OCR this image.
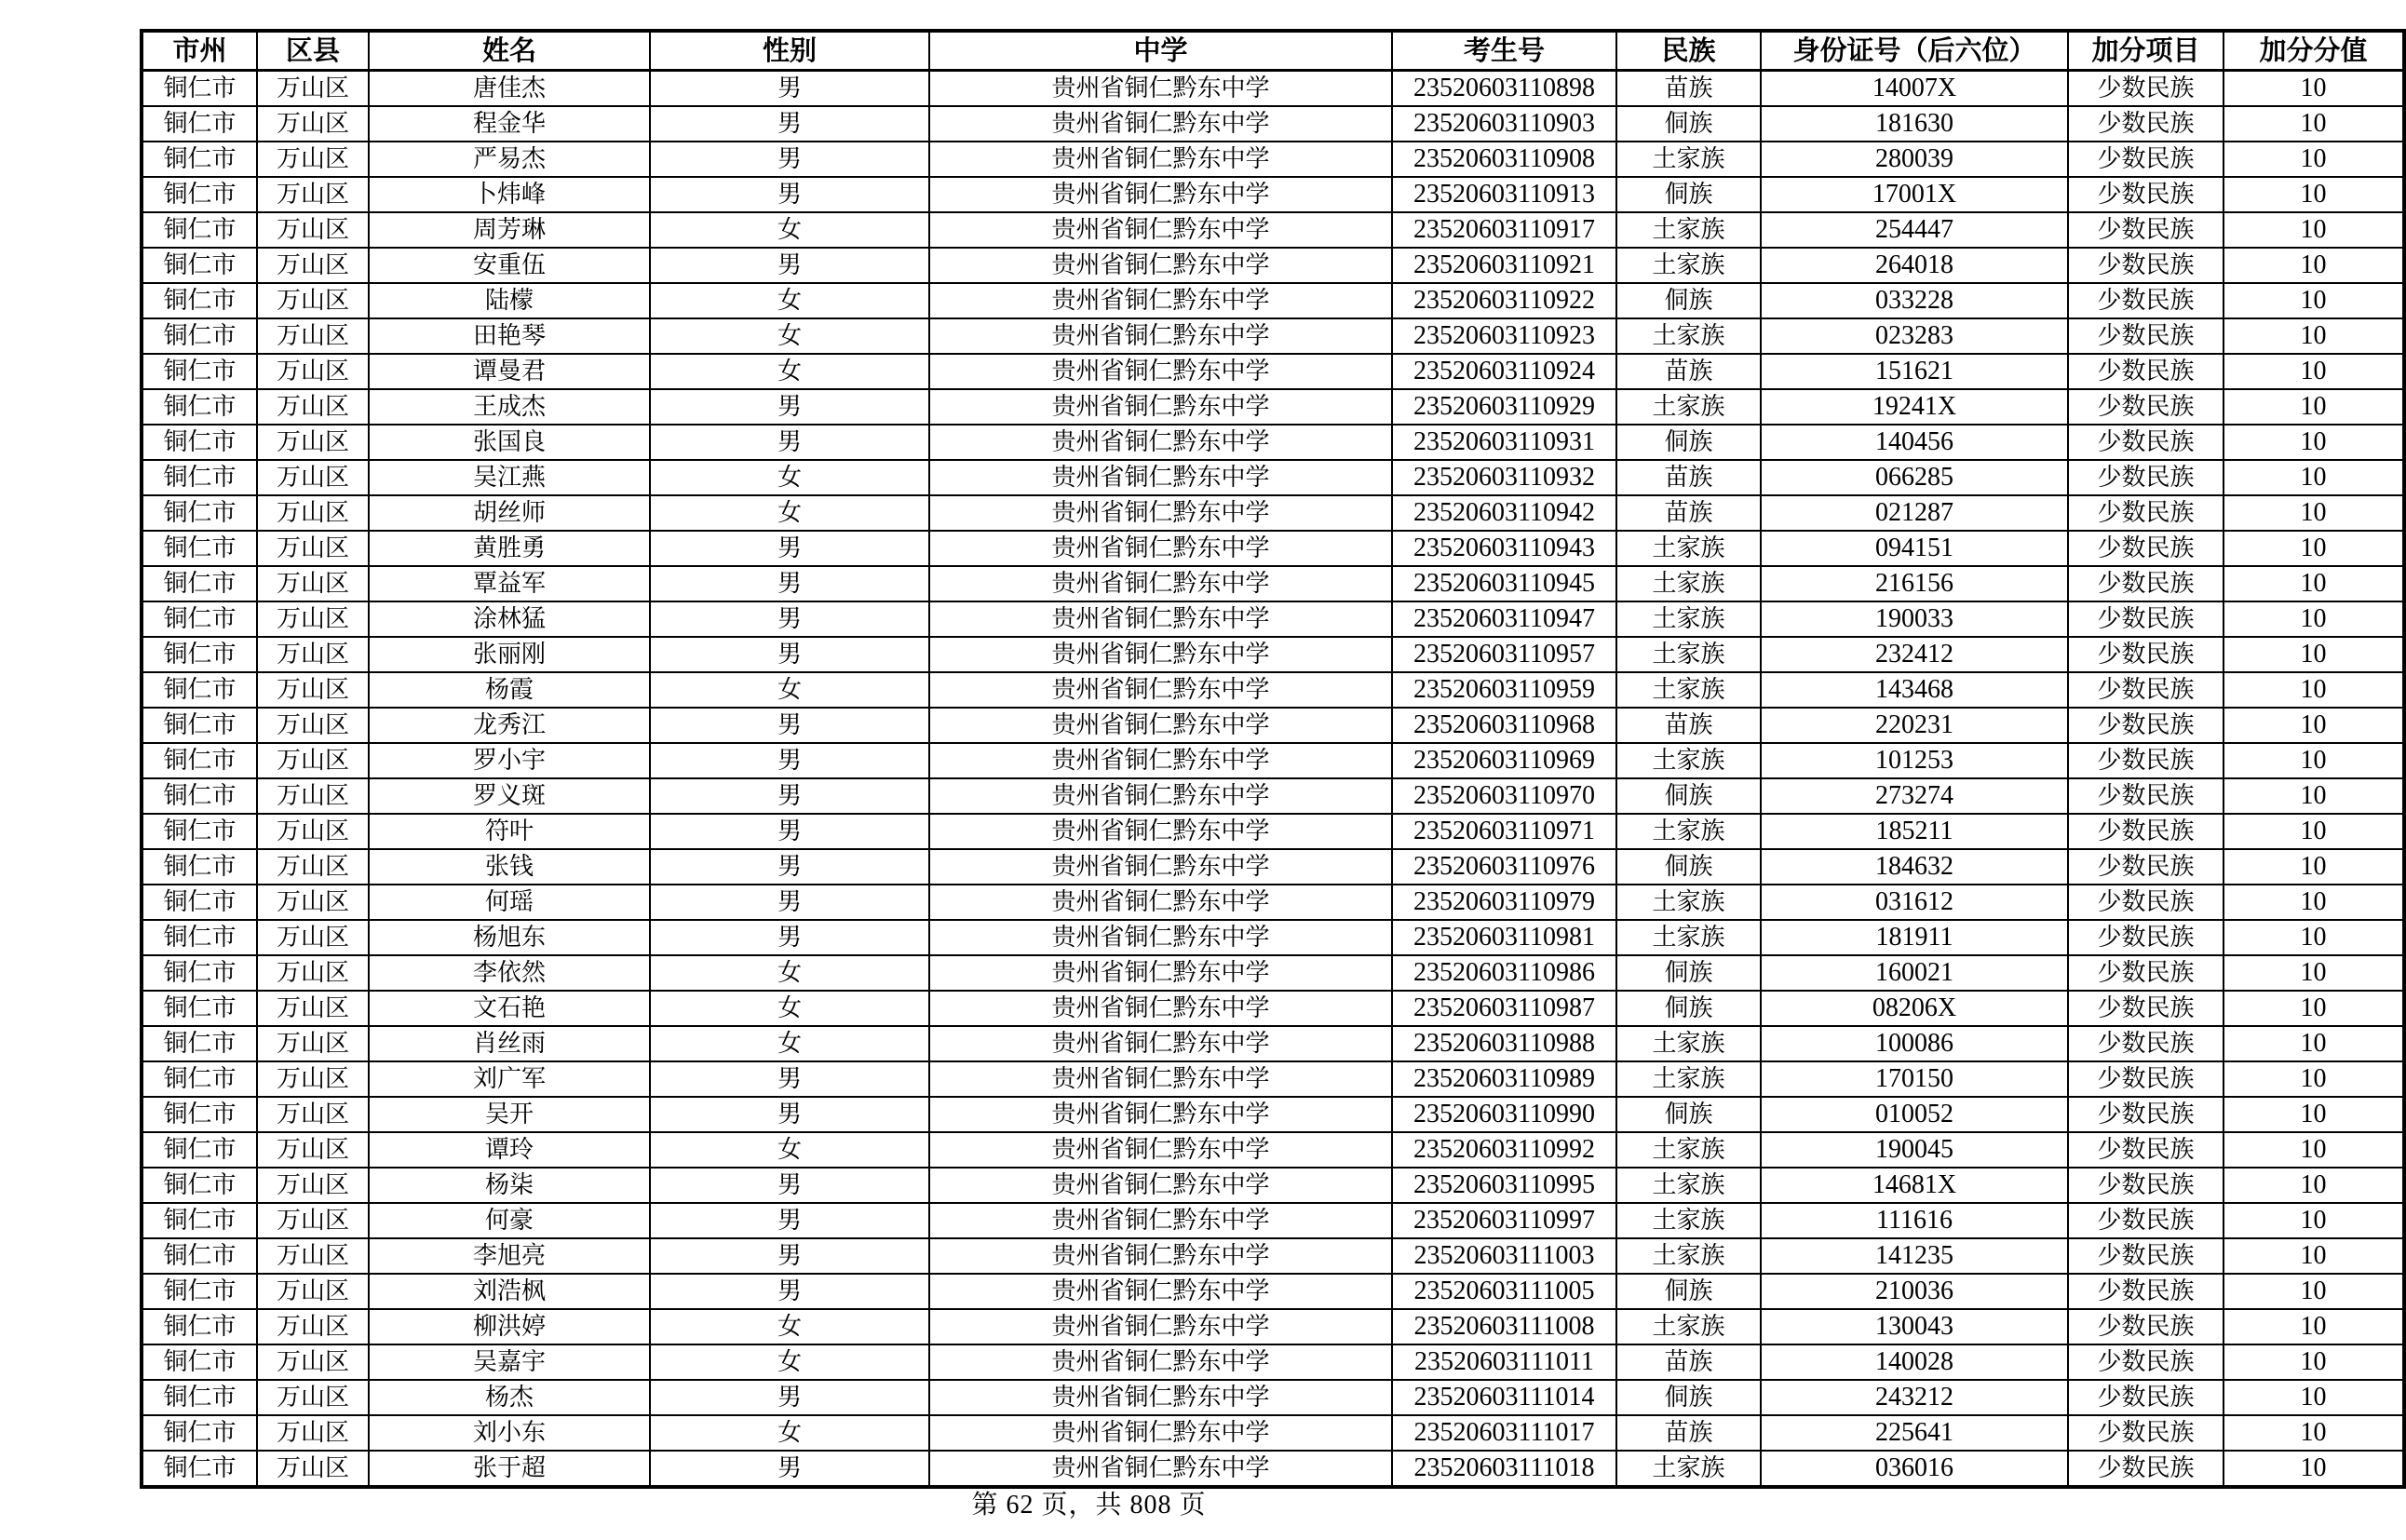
市州	区县	姓名	性别	中学	考生号	民族	身份证号（后六位）	加分项目	加分分值
铜仁市	万山区	唐佳杰	男	贵州省铜仁黔东中学	23520603110898	苗族	14007X	少数民族	10
铜仁市	万山区	程金华	男	贵州省铜仁黔东中学	23520603110903	侗族	181630	少数民族	10
铜仁市	万山区	严易杰	男	贵州省铜仁黔东中学	23520603110908	土家族	280039	少数民族	10
铜仁市	万山区	卜炜峰	男	贵州省铜仁黔东中学	23520603110913	侗族	17001X	少数民族	10
铜仁市	万山区	周芳琳	女	贵州省铜仁黔东中学	23520603110917	土家族	254447	少数民族	10
铜仁市	万山区	安重伍	男	贵州省铜仁黔东中学	23520603110921	土家族	264018	少数民族	10
铜仁市	万山区	陆檬	女	贵州省铜仁黔东中学	23520603110922	侗族	033228	少数民族	10
铜仁市	万山区	田艳琴	女	贵州省铜仁黔东中学	23520603110923	土家族	023283	少数民族	10
铜仁市	万山区	谭曼君	女	贵州省铜仁黔东中学	23520603110924	苗族	151621	少数民族	10
铜仁市	万山区	王成杰	男	贵州省铜仁黔东中学	23520603110929	土家族	19241X	少数民族	10
铜仁市	万山区	张国良	男	贵州省铜仁黔东中学	23520603110931	侗族	140456	少数民族	10
铜仁市	万山区	吴江燕	女	贵州省铜仁黔东中学	23520603110932	苗族	066285	少数民族	10
铜仁市	万山区	胡丝师	女	贵州省铜仁黔东中学	23520603110942	苗族	021287	少数民族	10
铜仁市	万山区	黄胜勇	男	贵州省铜仁黔东中学	23520603110943	土家族	094151	少数民族	10
铜仁市	万山区	覃益军	男	贵州省铜仁黔东中学	23520603110945	土家族	216156	少数民族	10
铜仁市	万山区	涂林猛	男	贵州省铜仁黔东中学	23520603110947	土家族	190033	少数民族	10
铜仁市	万山区	张丽刚	男	贵州省铜仁黔东中学	23520603110957	土家族	232412	少数民族	10
铜仁市	万山区	杨霞	女	贵州省铜仁黔东中学	23520603110959	土家族	143468	少数民族	10
铜仁市	万山区	龙秀江	男	贵州省铜仁黔东中学	23520603110968	苗族	220231	少数民族	10
铜仁市	万山区	罗小宇	男	贵州省铜仁黔东中学	23520603110969	土家族	101253	少数民族	10
铜仁市	万山区	罗义斑	男	贵州省铜仁黔东中学	23520603110970	侗族	273274	少数民族	10
铜仁市	万山区	符叶	男	贵州省铜仁黔东中学	23520603110971	土家族	185211	少数民族	10
铜仁市	万山区	张钱	男	贵州省铜仁黔东中学	23520603110976	侗族	184632	少数民族	10
铜仁市	万山区	何瑶	男	贵州省铜仁黔东中学	23520603110979	土家族	031612	少数民族	10
铜仁市	万山区	杨旭东	男	贵州省铜仁黔东中学	23520603110981	土家族	181911	少数民族	10
铜仁市	万山区	李依然	女	贵州省铜仁黔东中学	23520603110986	侗族	160021	少数民族	10
铜仁市	万山区	文石艳	女	贵州省铜仁黔东中学	23520603110987	侗族	08206X	少数民族	10
铜仁市	万山区	肖丝雨	女	贵州省铜仁黔东中学	23520603110988	土家族	100086	少数民族	10
铜仁市	万山区	刘广军	男	贵州省铜仁黔东中学	23520603110989	土家族	170150	少数民族	10
铜仁市	万山区	吴开	男	贵州省铜仁黔东中学	23520603110990	侗族	010052	少数民族	10
铜仁市	万山区	谭玲	女	贵州省铜仁黔东中学	23520603110992	土家族	190045	少数民族	10
铜仁市	万山区	杨柒	男	贵州省铜仁黔东中学	23520603110995	土家族	14681X	少数民族	10
铜仁市	万山区	何豪	男	贵州省铜仁黔东中学	23520603110997	土家族	111616	少数民族	10
铜仁市	万山区	李旭亮	男	贵州省铜仁黔东中学	23520603111003	土家族	141235	少数民族	10
铜仁市	万山区	刘浩枫	男	贵州省铜仁黔东中学	23520603111005	侗族	210036	少数民族	10
铜仁市	万山区	柳洪婷	女	贵州省铜仁黔东中学	23520603111008	土家族	130043	少数民族	10
铜仁市	万山区	吴嘉宇	女	贵州省铜仁黔东中学	23520603111011	苗族	140028	少数民族	10
铜仁市	万山区	杨杰	男	贵州省铜仁黔东中学	23520603111014	侗族	243212	少数民族	10
铜仁市	万山区	刘小东	女	贵州省铜仁黔东中学	23520603111017	苗族	225641	少数民族	10
铜仁市	万山区	张于超	男	贵州省铜仁黔东中学	23520603111018	土家族	036016	少数民族	10
第 62 页，共 808 页
